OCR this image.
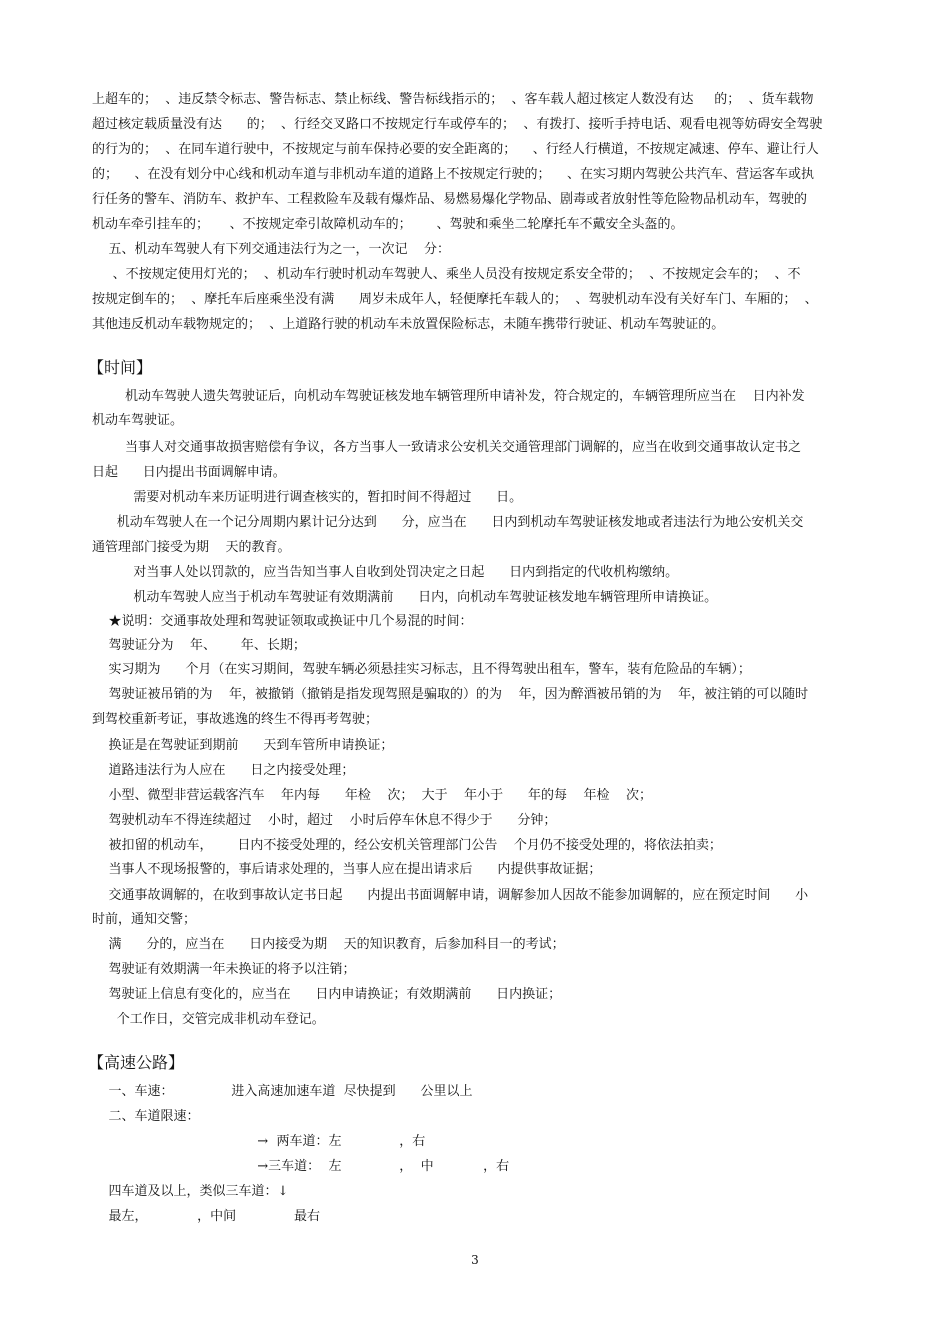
上超车的；  、违反禁令标志、警告标志、禁止标线、警告标线指示的；  、客车载人超过核定人数没有达     的；  、货车载物
超过核定载质量没有达      的；  、行经交叉路口不按规定行车或停车的；  、有拨打、接听手持电话、观看电视等妨碍安全驾驶
的行为的；  、在同车道行驶中，不按规定与前车保持必要的安全距离的；    、行经人行横道，不按规定减速、停车、避让行人
的；    、在没有划分中心线和机动车道与非机动车道的道路上不按规定行驶的；    、在实习期内驾驶公共汽车、营运客车或执
行任务的警车、消防车、救护车、工程救险车及载有爆炸品、易燃易爆化学物品、剧毒或者放射性等危险物品机动车，驾驶的
机动车牵引挂车的；     、不按规定牵引故障机动车的；      、驾驶和乘坐二轮摩托车不戴安全头盔的。
五、机动车驾驶人有下列交通违法行为之一，一次记    分：
、不按规定使用灯光的；  、机动车行驶时机动车驾驶人、乘坐人员没有按规定系安全带的；  、不按规定会车的；  、不
按规定倒车的；  、摩托车后座乘坐没有满      周岁未成年人，轻便摩托车载人的；  、驾驶机动车没有关好车门、车厢的；  、
其他违反机动车载物规定的；  、上道路行驶的机动车未放置保险标志，未随车携带行驶证、机动车驾驶证的。
【时间】
机动车驾驶人遗失驾驶证后，向机动车驾驶证核发地车辆管理所申请补发，符合规定的，车辆管理所应当在    日内补发
机动车驾驶证。
当事人对交通事故损害赔偿有争议，各方当事人一致请求公安机关交通管理部门调解的，应当在收到交通事故认定书之
日起      日内提出书面调解申请。
需要对机动车来历证明进行调查核实的，暂扣时间不得超过      日。
机动车驾驶人在一个记分周期内累计记分达到      分，应当在      日内到机动车驾驶证核发地或者违法行为地公安机关交
通管理部门接受为期    天的教育。
对当事人处以罚款的，应当告知当事人自收到处罚决定之日起      日内到指定的代收机构缴纳。
机动车驾驶人应当于机动车驾驶证有效期满前      日内，向机动车驾驶证核发地车辆管理所申请换证。
★说明：交通事故处理和驾驶证领取或换证中几个易混的时间：
驾驶证分为    年、      年、长期；
实习期为      个月（在实习期间，驾驶车辆必须悬挂实习标志，且不得驾驶出租车，警车，装有危险品的车辆）；
驾驶证被吊销的为    年，被撤销（撤销是指发现驾照是骗取的）的为    年，因为醉酒被吊销的为    年，被注销的可以随时
到驾校重新考证，事故逃逸的终生不得再考驾驶；
换证是在驾驶证到期前      天到车管所申请换证；
道路违法行为人应在      日之内接受处理；
小型、微型非营运载客汽车    年内每      年检    次；  大于    年小于      年的每    年检    次；
驾驶机动车不得连续超过    小时，超过    小时后停车休息不得少于      分钟；
被扣留的机动车，      日内不接受处理的，经公安机关管理部门公告    个月仍不接受处理的，将依法拍卖；
当事人不现场报警的，事后请求处理的，当事人应在提出请求后      内提供事故证据；
交通事故调解的，在收到事故认定书日起      内提出书面调解申请，调解参加人因故不能参加调解的，应在预定时间      小
时前，通知交警；
满      分的，应当在      日内接受为期    天的知识教育，后参加科目一的考试；
驾驶证有效期满一年未换证的将予以注销；
驾驶证上信息有变化的，应当在      日内申请换证；有效期满前      日内换证；
个工作日，交管完成非机动车登记。
【高速公路】
一、车速：              进入高速加速车道  尽快提到      公里以上
二、车道限速：
→  两车道：左              ，右
→三车道：  左              ，  中            ，右
四车道及以上，类似三车道：↓
最左，            ，中间              最右
3
